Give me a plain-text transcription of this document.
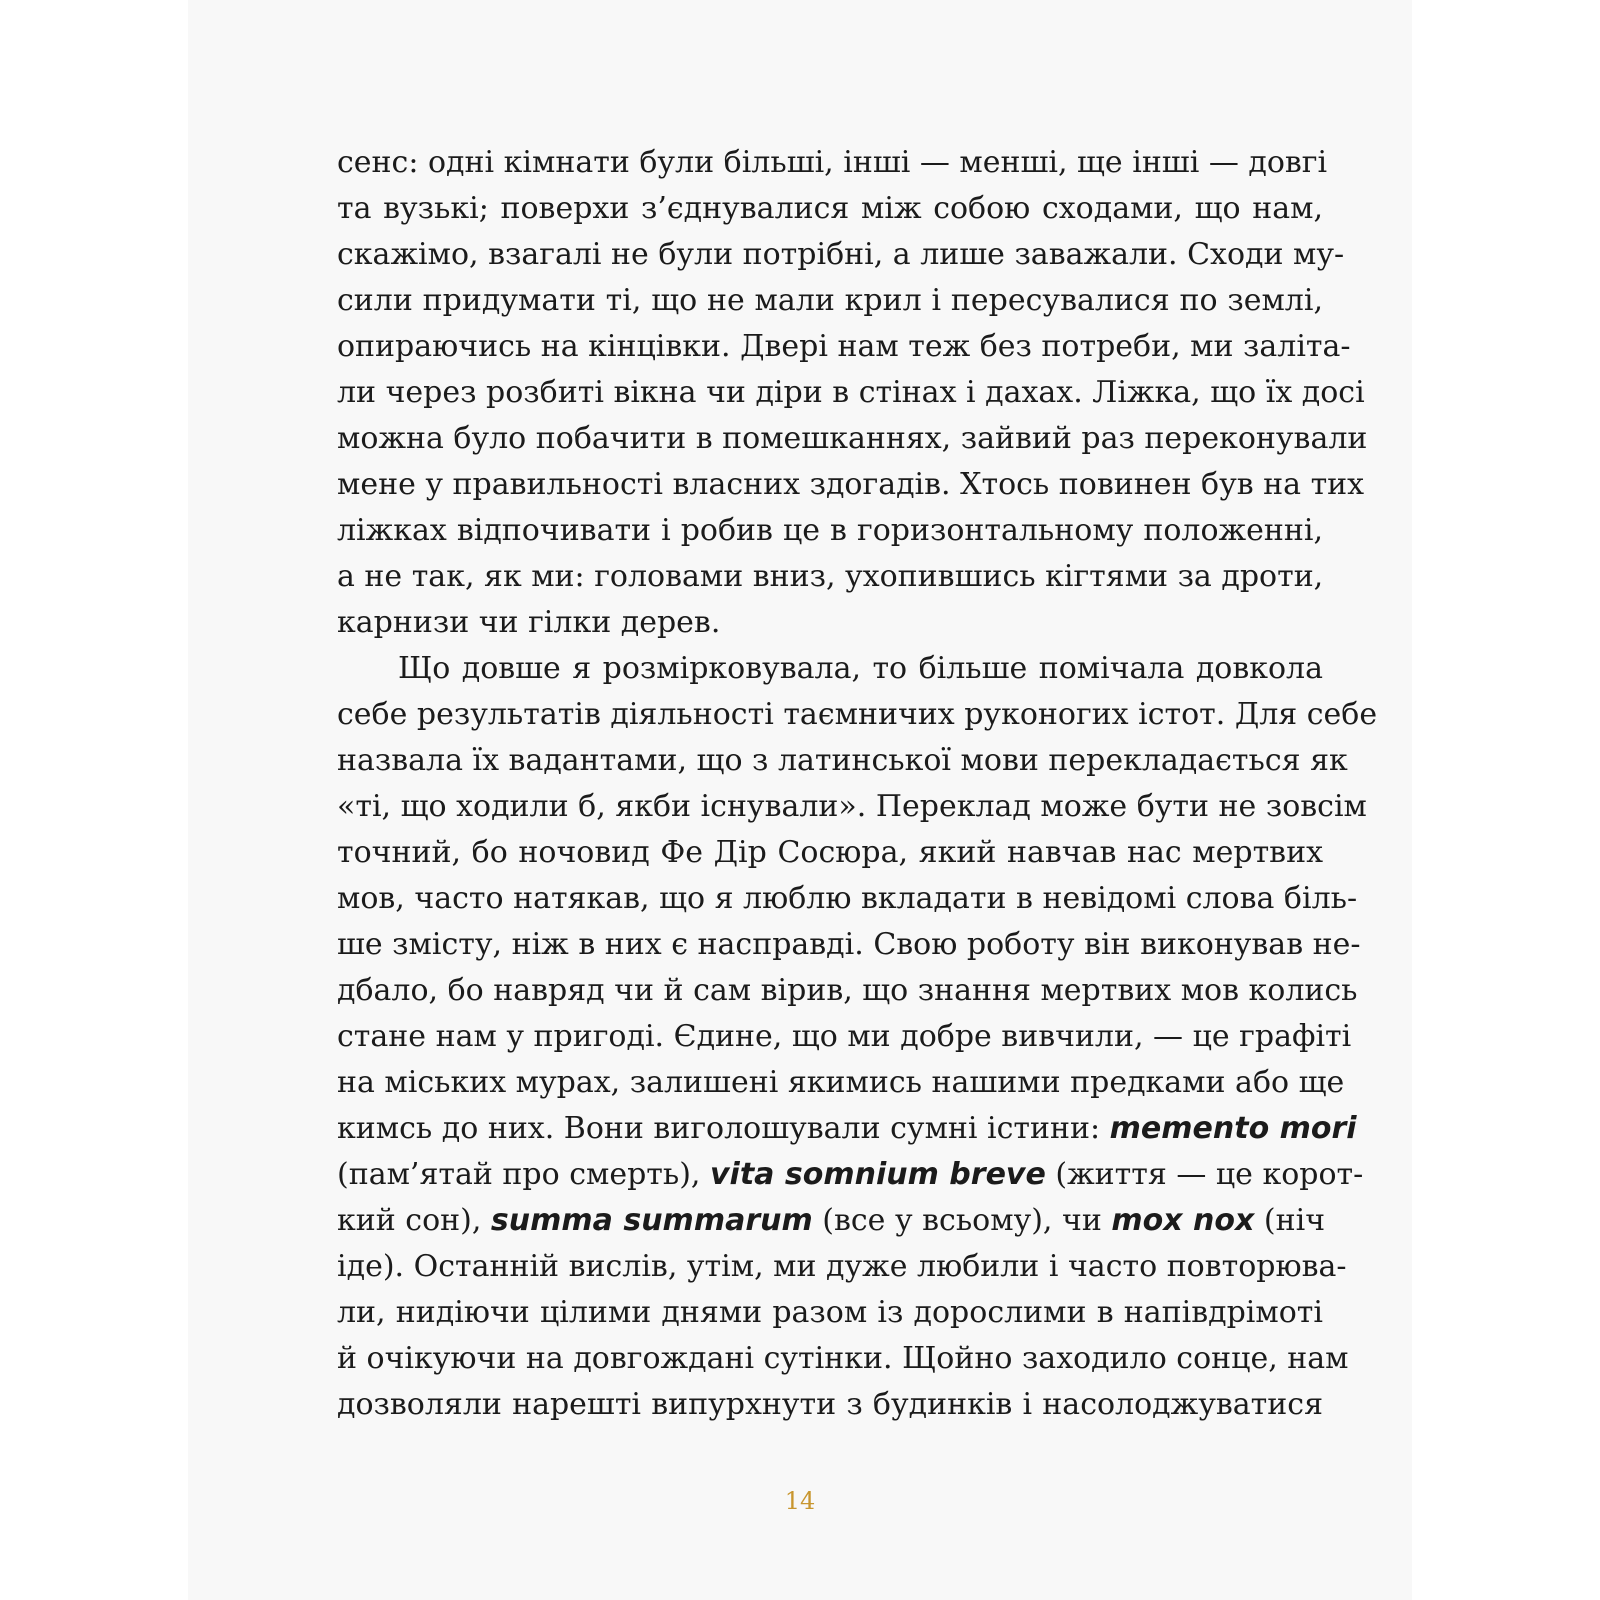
сенс: одні кімнати були більші, інші — менші, ще інші — довгі
та вузькі; поверхи з’єднувалися між собою сходами, що нам,
скажімо, взагалі не були потрібні, а лише заважали. Сходи му-
сили придумати ті, що не мали крил і пересувалися по землі,
опираючись на кінцівки. Двері нам теж без потреби, ми заліта-
ли через розбиті вікна чи діри в стінах і дахах. Ліжка, що їх досі
можна було побачити в помешканнях, зайвий раз переконували
мене у правильності власних здогадів. Хтось повинен був на тих
ліжках відпочивати і робив це в горизонтальному положенні,
а не так, як ми: головами вниз, ухопившись кігтями за дроти,
карнизи чи гілки дерев.
Що довше я розмірковувала, то більше помічала довкола
себе результатів діяльності таємничих руконогих істот. Для себе
назвала їх вадантами, що з латинської мови перекладається як
«ті, що ходили б, якби існували». Переклад може бути не зовсім
точний, бо ночовид Фе Дір Сосюра, який навчав нас мертвих
мов, часто натякав, що я люблю вкладати в невідомі слова біль-
ше змісту, ніж в них є насправді. Свою роботу він виконував не-
дбало, бо навряд чи й сам вірив, що знання мертвих мов колись
стане нам у пригоді. Єдине, що ми добре вивчили, — це графіті
на міських мурах, залишені якимись нашими предками або ще
кимсь до них. Вони виголошували сумні істини: memento mori
(пам’ятай про смерть), vita somnium breve (життя — це корот-
кий сон), summa summarum (все у всьому), чи mox nox (ніч
іде). Останній вислів, утім, ми дуже любили і часто повторюва-
ли, нидіючи цілими днями разом із дорослими в напівдрімоті
й очікуючи на довгождані сутінки. Щойно заходило сонце, нам
дозволяли нарешті випурхнути з будинків і насолоджуватися
14
